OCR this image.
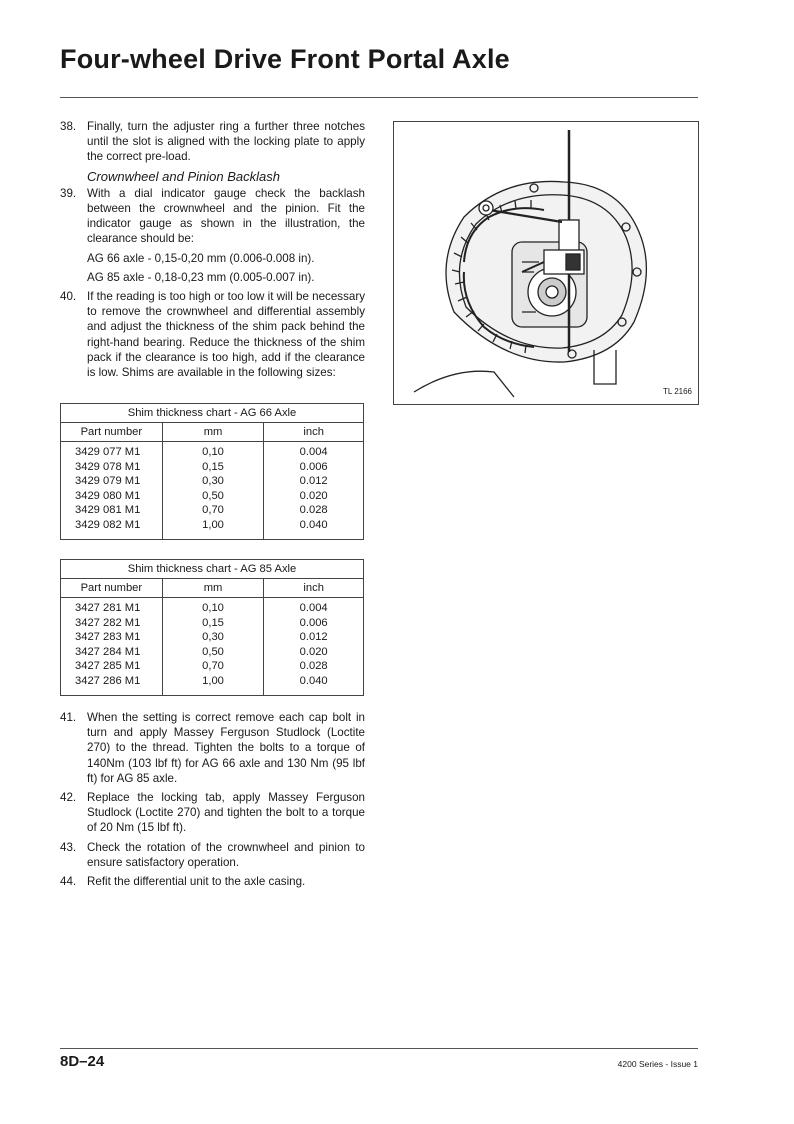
Four-wheel Drive Front Portal Axle
38. Finally, turn the adjuster ring a further three notches until the slot is aligned with the locking plate to apply the correct pre-load.
Crownwheel and Pinion Backlash
39. With a dial indicator gauge check the backlash between the crownwheel and the pinion. Fit the indicator gauge as shown in the illustration, the clearance should be:
AG 66 axle - 0,15-0,20 mm (0.006-0.008 in).
AG 85 axle - 0,18-0,23 mm (0.005-0.007 in).
40. If the reading is too high or too low it will be necessary to remove the crownwheel and differential assembly and adjust the thickness of the shim pack behind the right-hand bearing. Reduce the thickness of the shim pack if the clearance is too high, add if the clearance is low. Shims are available in the following sizes:
Shim thickness chart - AG 66 Axle		
Part number	mm	inch
3429 077 M1	0,10	0.004
3429 078 M1	0,15	0.006
3429 079 M1	0,30	0.012
3429 080 M1	0,50	0.020
3429 081 M1	0,70	0.028
3429 082 M1	1,00	0.040
Shim thickness chart - AG 85 Axle		
Part number	mm	inch
3427 281 M1	0,10	0.004
3427 282 M1	0,15	0.006
3427 283 M1	0,30	0.012
3427 284 M1	0,50	0.020
3427 285 M1	0,70	0.028
3427 286 M1	1,00	0.040
41. When the setting is correct remove each cap bolt in turn and apply Massey Ferguson Studlock (Loctite 270) to the thread. Tighten the bolts to a torque of 140Nm (103 lbf ft) for AG 66 axle and 130 Nm (95 lbf ft) for AG 85 axle.
42. Replace the locking tab, apply Massey Ferguson Studlock (Loctite 270) and tighten the bolt to a torque of 20 Nm (15 lbf ft).
43. Check the rotation of the crownwheel and pinion to ensure satisfactory operation.
44. Refit the differential unit to the axle casing.
TL 2166
8D–24	4200 Series - Issue 1
